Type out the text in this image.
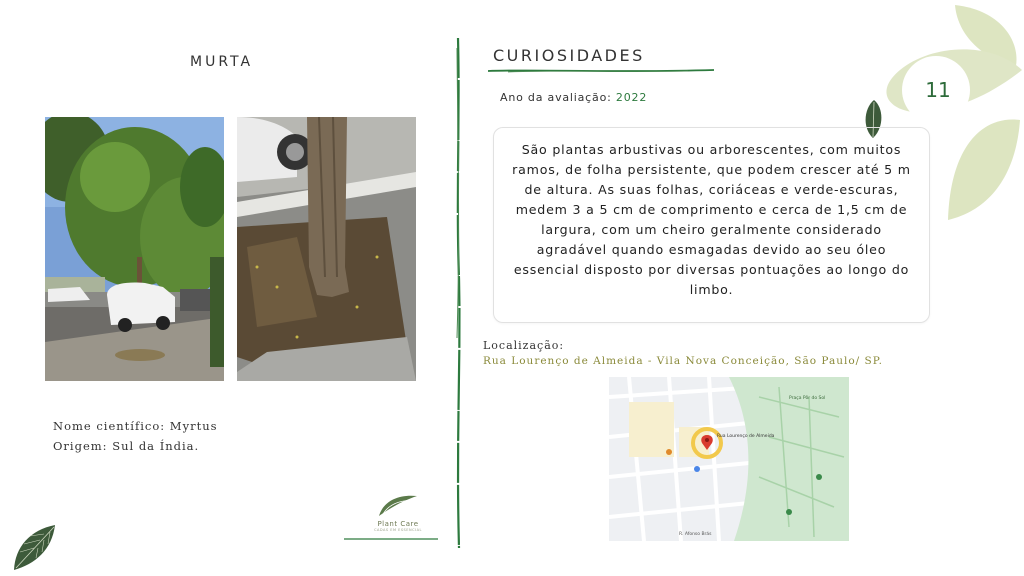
11
MURTA
Nome científico: Myrtus
Origem: Sul da Índia.
Plant Care
CADAS EM ESSENCIAL
CURIOSIDADES
Ano da avaliação: 2022
São plantas arbustivas ou arborescentes, com muitos ramos, de folha persistente, que podem crescer até 5 m de altura. As suas folhas, coriáceas e verde-escuras, medem 3 a 5 cm de comprimento e cerca de 1,5 cm de largura, com um cheiro geralmente considerado agradável quando esmagadas devido ao seu óleo essencial disposto por diversas pontuações ao longo do limbo.
Localização:
Rua Lourenço de Almeida - Vila Nova Conceição, São Paulo/ SP.
Rua Lourenço de Almeida
Praça Pôr do Sol
R. Afonso Brás
